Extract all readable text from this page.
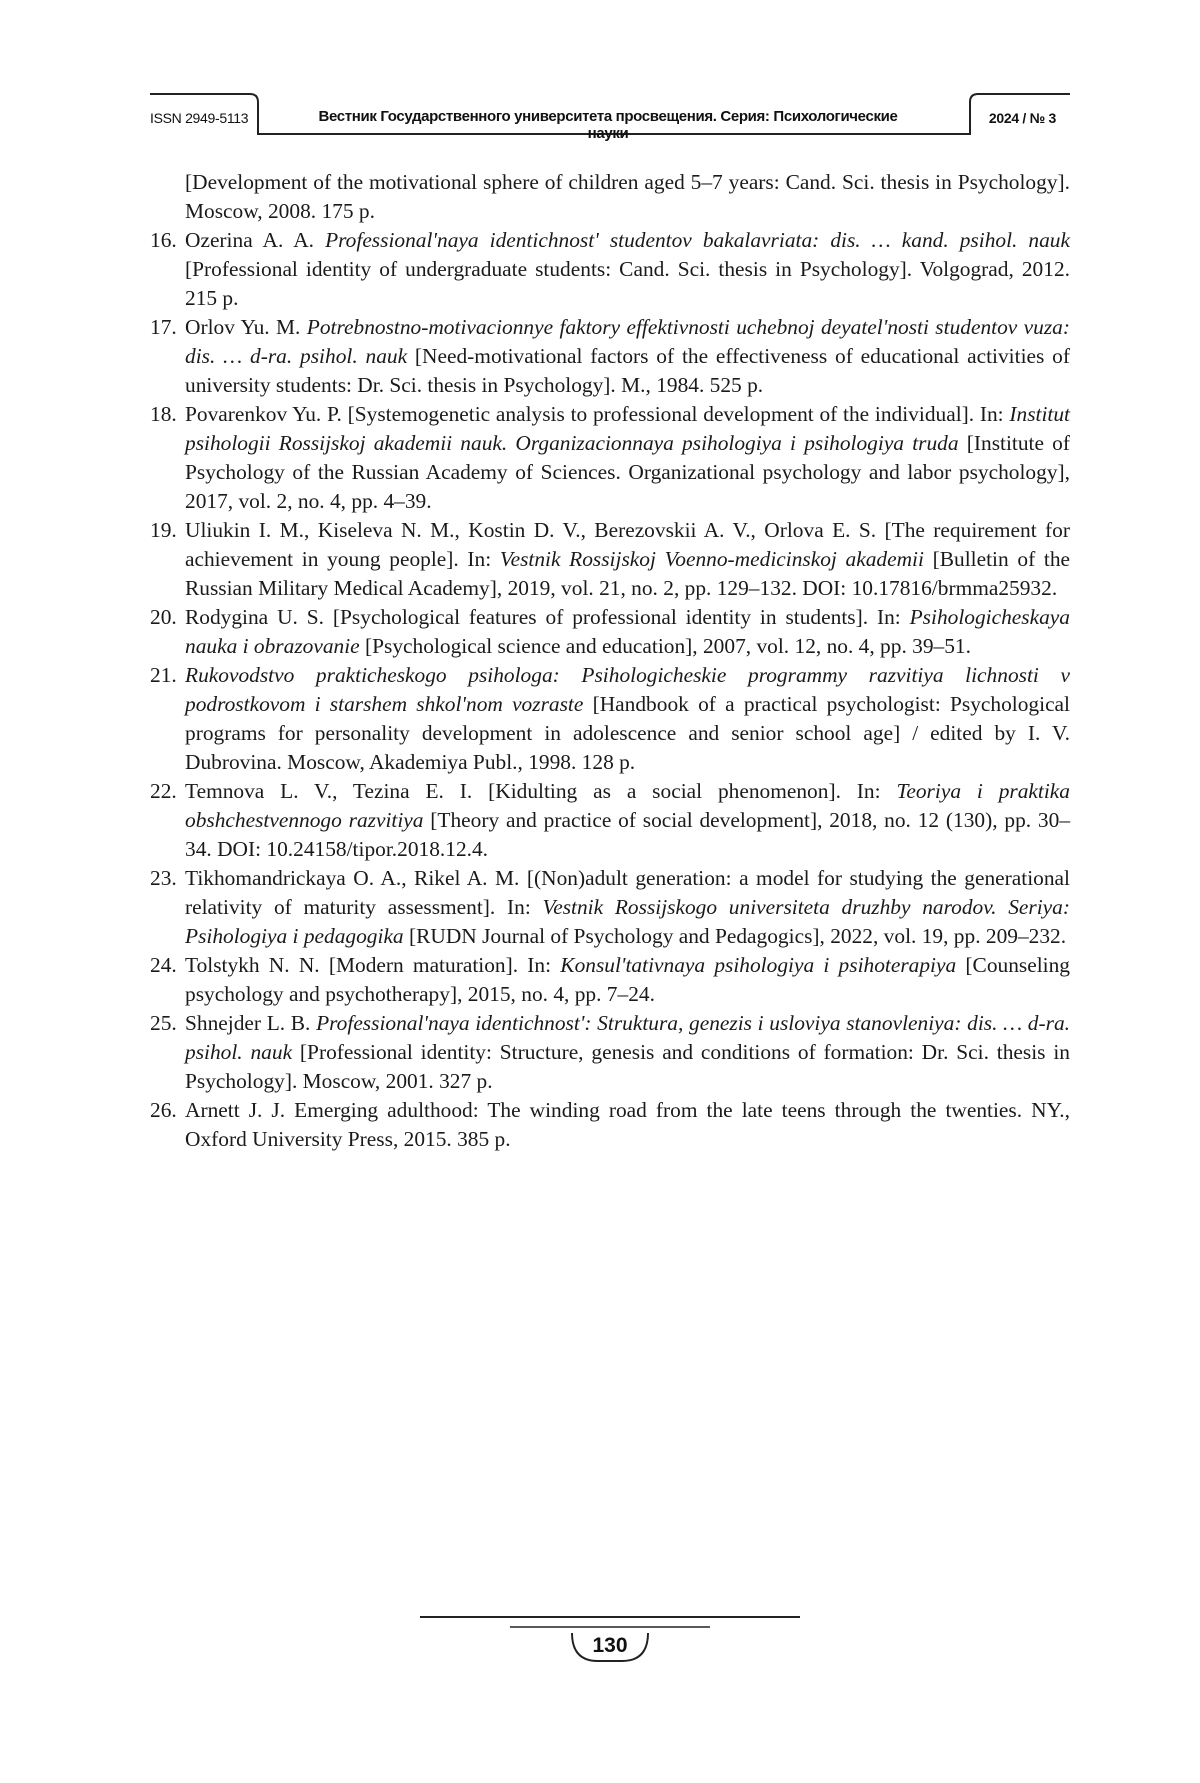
ISSN 2949-5113	Вестник Государственного университета просвещения. Серия: Психологические науки
2024 / № 3
[Development of the motivational sphere of children aged 5–7 years: Cand. Sci. thesis in Psychology]. Moscow, 2008. 175 p.
16. Ozerina A. A. Professional'naya identichnost' studentov bakalavriata: dis. … kand. psihol. nauk [Professional identity of undergraduate students: Cand. Sci. thesis in Psychology]. Volgograd, 2012. 215 p.
17. Orlov Yu. M. Potrebnostno-motivacionnye faktory effektivnosti uchebnoj deyatel'nosti studentov vuza: dis. … d-ra. psihol. nauk [Need-motivational factors of the effectiveness of educational activities of university students: Dr. Sci. thesis in Psychology]. M., 1984. 525 p.
18. Povarenkov Yu. P. [Systemogenetic analysis to professional development of the individual]. In: Institut psihologii Rossijskoj akademii nauk. Organizacionnaya psihologiya i psihologiya truda [Institute of Psychology of the Russian Academy of Sciences. Organizational psychology and labor psychology], 2017, vol. 2, no. 4, pp. 4–39.
19. Uliukin I. M., Kiseleva N. M., Kostin D. V., Berezovskii A. V., Orlova E. S. [The requirement for achievement in young people]. In: Vestnik Rossijskoj Voenno-medicinskoj akademii [Bulletin of the Russian Military Medical Academy], 2019, vol. 21, no. 2, pp. 129–132. DOI: 10.17816/brmma25932.
20. Rodygina U. S. [Psychological features of professional identity in students]. In: Psihologicheskaya nauka i obrazovanie [Psychological science and education], 2007, vol. 12, no. 4, pp. 39–51.
21. Rukovodstvo prakticheskogo psihologa: Psihologicheskie programmy razvitiya lichnosti v podrostkovom i starshem shkol'nom vozraste [Handbook of a practical psychologist: Psychological programs for personality development in adolescence and senior school age] / edited by I. V. Dubrovina. Moscow, Akademiya Publ., 1998. 128 p.
22. Temnova L. V., Tezina E. I. [Kidulting as a social phenomenon]. In: Teoriya i praktika obshchestvennogo razvitiya [Theory and practice of social development], 2018, no. 12 (130), pp. 30–34. DOI: 10.24158/tipor.2018.12.4.
23. Tikhomandrickaya O. A., Rikel A. M. [(Non)adult generation: a model for studying the generational relativity of maturity assessment]. In: Vestnik Rossijskogo universiteta druzhby narodov. Seriya: Psihologiya i pedagogika [RUDN Journal of Psychology and Pedagogics], 2022, vol. 19, pp. 209–232.
24. Tolstykh N. N. [Modern maturation]. In: Konsul'tativnaya psihologiya i psihoterapiya [Counseling psychology and psychotherapy], 2015, no. 4, pp. 7–24.
25. Shnejder L. B. Professional'naya identichnost': Struktura, genezis i usloviya stanovleniya: dis. … d-ra. psihol. nauk [Professional identity: Structure, genesis and conditions of formation: Dr. Sci. thesis in Psychology]. Moscow, 2001. 327 p.
26. Arnett J. J. Emerging adulthood: The winding road from the late teens through the twenties. NY., Oxford University Press, 2015. 385 p.
130
